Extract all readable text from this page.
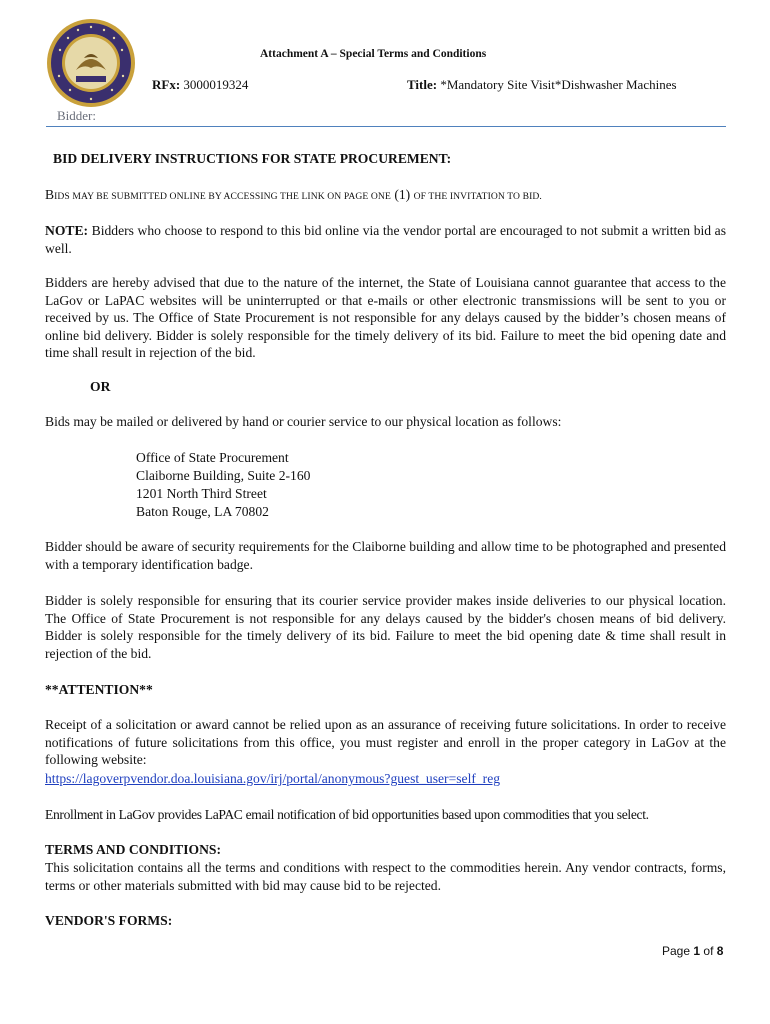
Attachment A – Special Terms and Conditions
RFx: 3000019324	Title: *Mandatory Site Visit*Dishwasher Machines
Bidder:
BID DELIVERY INSTRUCTIONS FOR STATE PROCUREMENT:
BIDS MAY BE SUBMITTED ONLINE BY ACCESSING THE LINK ON PAGE ONE (1) OF THE INVITATION TO BID.
NOTE: Bidders who choose to respond to this bid online via the vendor portal are encouraged to not submit a written bid as well.
Bidders are hereby advised that due to the nature of the internet, the State of Louisiana cannot guarantee that access to the LaGov or LaPAC websites will be uninterrupted or that e-mails or other electronic transmissions will be sent to you or received by us. The Office of State Procurement is not responsible for any delays caused by the bidder’s chosen means of online bid delivery. Bidder is solely responsible for the timely delivery of its bid. Failure to meet the bid opening date and time shall result in rejection of the bid.
OR
Bids may be mailed or delivered by hand or courier service to our physical location as follows:
Office of State Procurement
Claiborne Building, Suite 2-160
1201 North Third Street
Baton Rouge, LA 70802
Bidder should be aware of security requirements for the Claiborne building and allow time to be photographed and presented with a temporary identification badge.
Bidder is solely responsible for ensuring that its courier service provider makes inside deliveries to our physical location. The Office of State Procurement is not responsible for any delays caused by the bidder's chosen means of bid delivery. Bidder is solely responsible for the timely delivery of its bid. Failure to meet the bid opening date & time shall result in rejection of the bid.
**ATTENTION**
Receipt of a solicitation or award cannot be relied upon as an assurance of receiving future solicitations. In order to receive notifications of future solicitations from this office, you must register and enroll in the proper category in LaGov at the following website:
https://lagoverpvendor.doa.louisiana.gov/irj/portal/anonymous?guest_user=self_reg
Enrollment in LaGov provides LaPAC email notification of bid opportunities based upon commodities that you select.
TERMS AND CONDITIONS:
This solicitation contains all the terms and conditions with respect to the commodities herein. Any vendor contracts, forms, terms or other materials submitted with bid may cause bid to be rejected.
VENDOR'S FORMS:
Page 1 of 8
